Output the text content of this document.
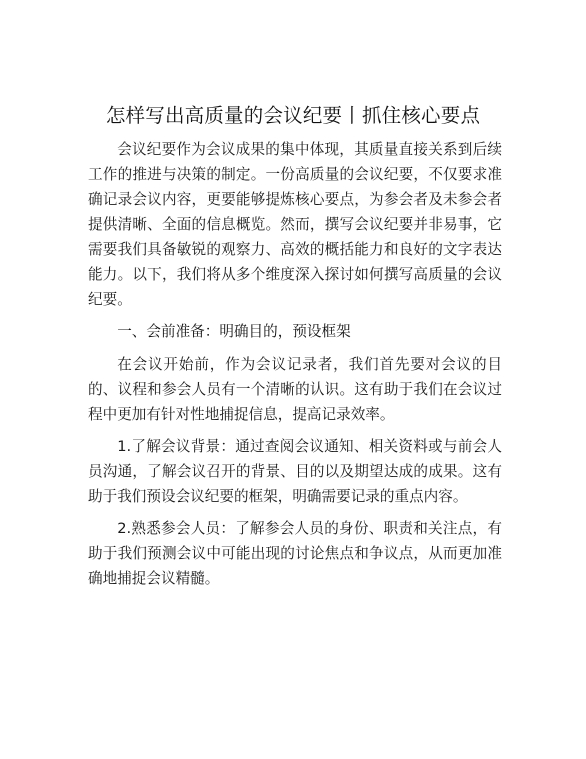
怎样写出高质量的会议纪要丨抓住核心要点

会议纪要作为会议成果的集中体现，其质量直接关系到后续工作的推进与决策的制定。一份高质量的会议纪要，不仅要求准确记录会议内容，更要能够提炼核心要点，为参会者及未参会者提供清晰、全面的信息概览。然而，撰写会议纪要并非易事，它需要我们具备敏锐的观察力、高效的概括能力和良好的文字表达能力。以下，我们将从多个维度深入探讨如何撰写高质量的会议纪要。

一、会前准备：明确目的，预设框架

在会议开始前，作为会议记录者，我们首先要对会议的目的、议程和参会人员有一个清晰的认识。这有助于我们在会议过程中更加有针对性地捕捉信息，提高记录效率。

1.了解会议背景：通过查阅会议通知、相关资料或与前会人员沟通，了解会议召开的背景、目的以及期望达成的成果。这有助于我们预设会议纪要的框架，明确需要记录的重点内容。

2.熟悉参会人员：了解参会人员的身份、职责和关注点，有助于我们预测会议中可能出现的讨论焦点和争议点，从而更加准确地捕捉会议精髓。
